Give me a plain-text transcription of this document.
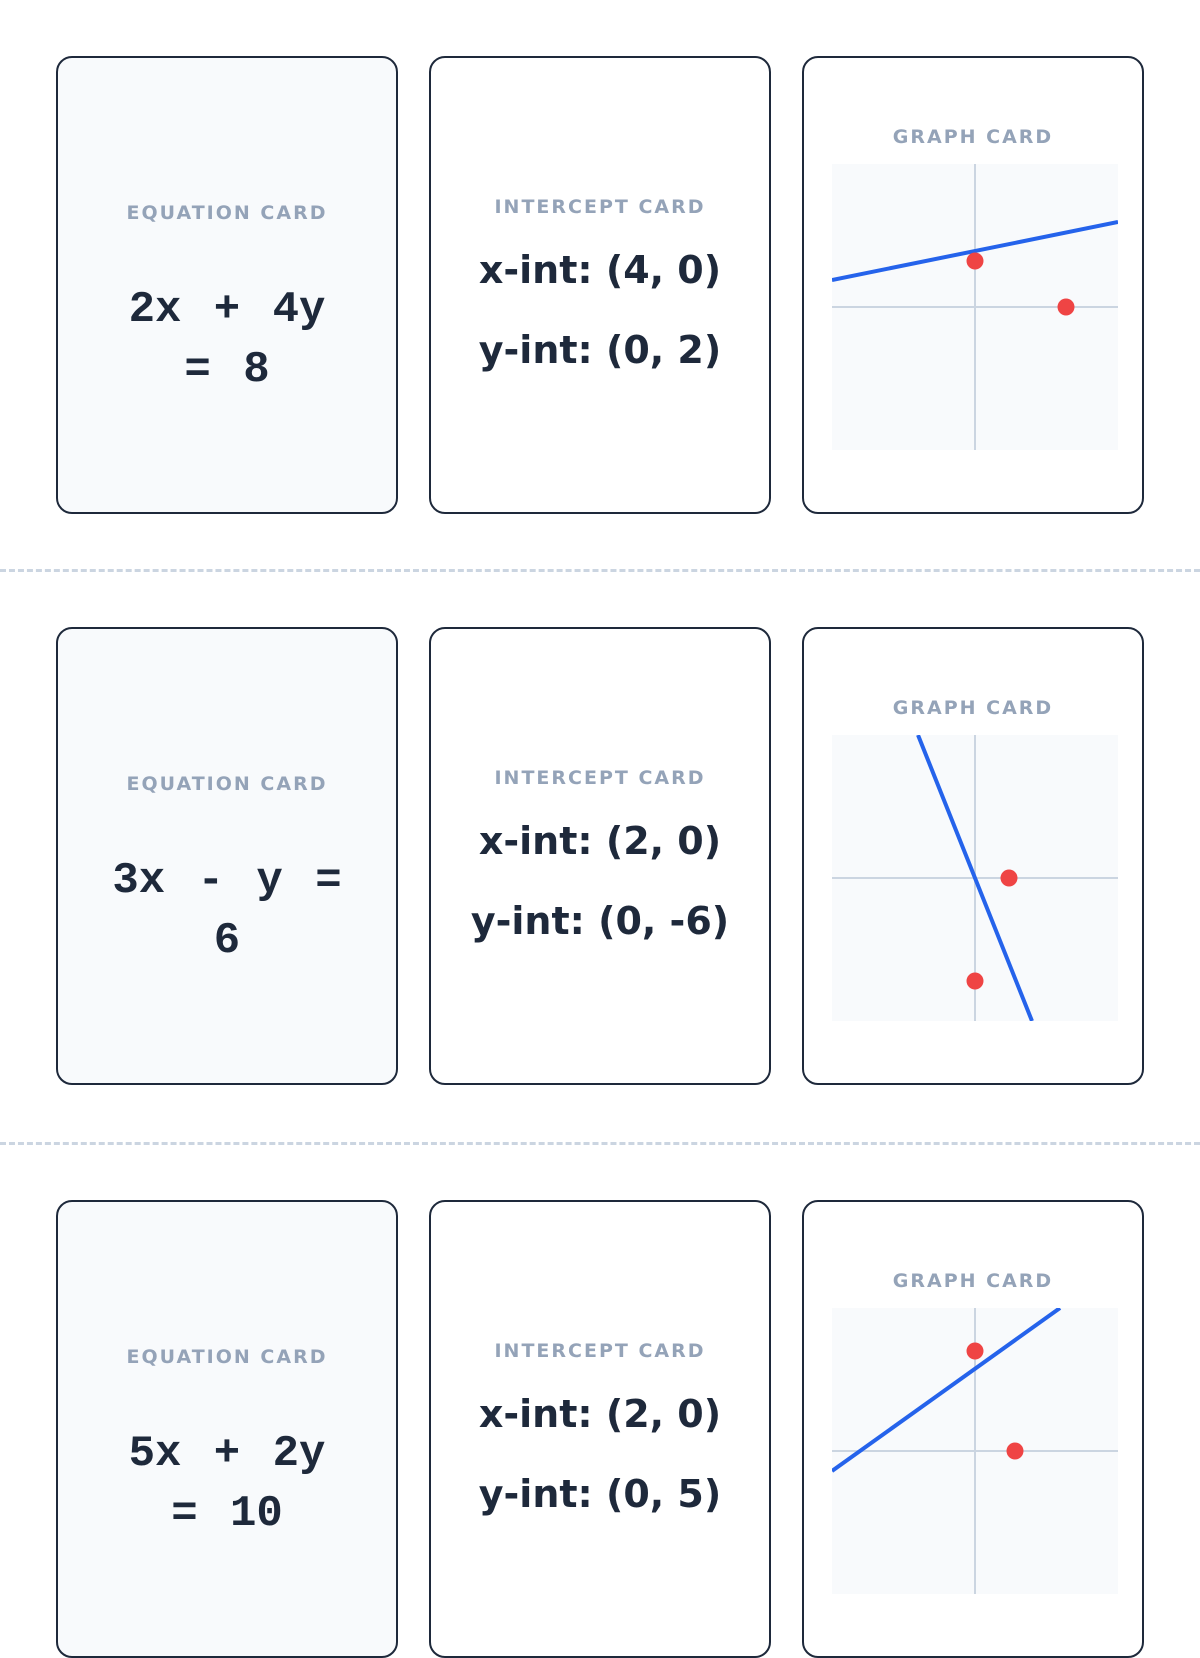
EQUATION CARD
2x + 4y = 8
INTERCEPT CARD
x-int: (4, 0)
y-int: (0, 2)
GRAPH CARD
EQUATION CARD
3x - y = 6
INTERCEPT CARD
x-int: (2, 0)
y-int: (0, -6)
GRAPH CARD
EQUATION CARD
5x + 2y = 10
INTERCEPT CARD
x-int: (2, 0)
y-int: (0, 5)
GRAPH CARD
